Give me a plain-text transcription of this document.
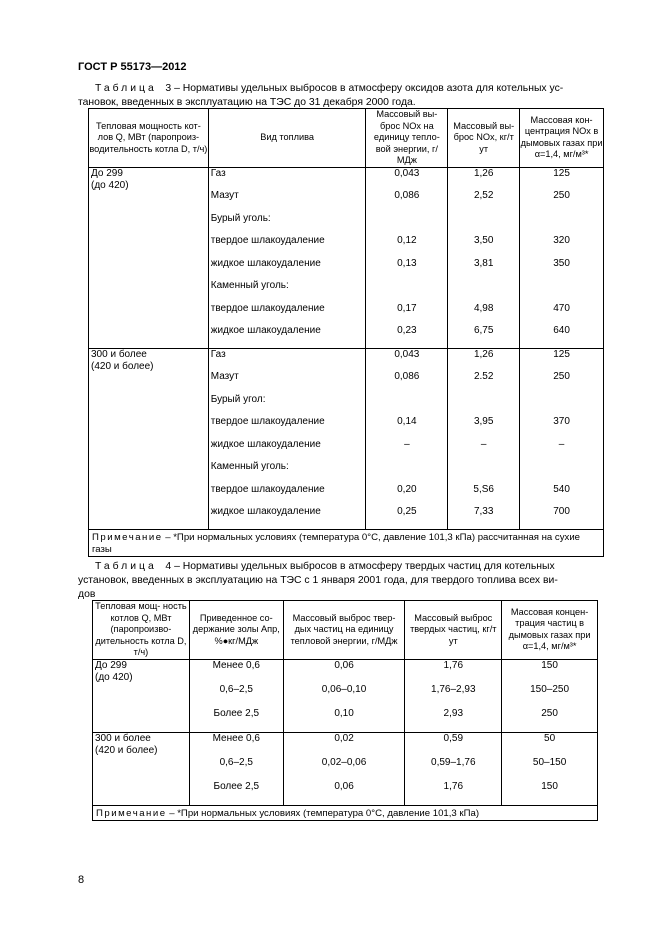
ГОСТ Р 55173—2012
Таблица 3 – Нормативы удельных выбросов в атмосферу оксидов азота для котельных ус-
тановок, введенных в эксплуатацию на ТЭС до 31 декабря 2000 года.
Тепловая мощность кот- лов Q, МВт (паропроиз- водительность котла D, т/ч)	Вид топлива	Массовый вы- брос NOx на единицу тепло- вой энергии, г/МДж	Массовый вы- брос NOx, кг/т ут	Массовая кон- центрация NOx в дымовых газах при α=1,4, мг/м³*
До 299
(до 420)	Газ	0,043	1,26	125
	Мазут	0,086	2,52	250
	Бурый уголь:			
	твердое шлакоудаление	0,12	3,50	320
	жидкое шлакоудаление	0,13	3,81	350
	Каменный уголь:			
	твердое шлакоудаление	0,17	4,98	470
	жидкое шлакоудаление	0,23	6,75	640
300 и более
(420 и более)	Газ	0,043	1,26	125
	Мазут	0,086	2.52	250
	Бурый угол:			
	твердое шлакоудаление	0,14	3,95	370
	жидкое шлакоудаление	–	–	–
	Каменный уголь:			
	твердое шлакоудаление	0,20	5,S6	540
	жидкое шлакоудаление	0,25	7,33	700
Примечание – *При нормальных условиях (температура 0°С, давление 101,3 кПа) рассчитанная на сухие газы				
Таблица 4 – Нормативы удельных выбросов в атмосферу твердых частиц для котельных
установок, введенных в эксплуатацию на ТЭС с 1 января 2001 года, для твердого топлива всех ви-
дов
Тепловая мощ- ность котлов Q, МВт (паропроизво- дительность котла D, т/ч)	Приведенное со- держание золы Апр, %●кг/МДж	Массовый выброс твер- дых частиц на единицу тепловой энергии, г/МДж	Массовый выброс твердых частиц, кг/т ут	Массовая концен- трация частиц в дымовых газах при α=1,4, мг/м³*
До 299
(до 420)	Менее 0,6	0,06	1,76	150
	0,6–2,5	0,06–0,10	1,76–2,93	150–250
	Более 2,5	0,10	2,93	250
300 и более
(420 и более)	Менее 0,6	0,02	0,59	50
	0,6–2,5	0,02–0,06	0,59–1,76	50–150
	Более 2,5	0,06	1,76	150
Примечание – *При нормальных условиях (температура 0°С, давление 101,3 кПа)				
8
